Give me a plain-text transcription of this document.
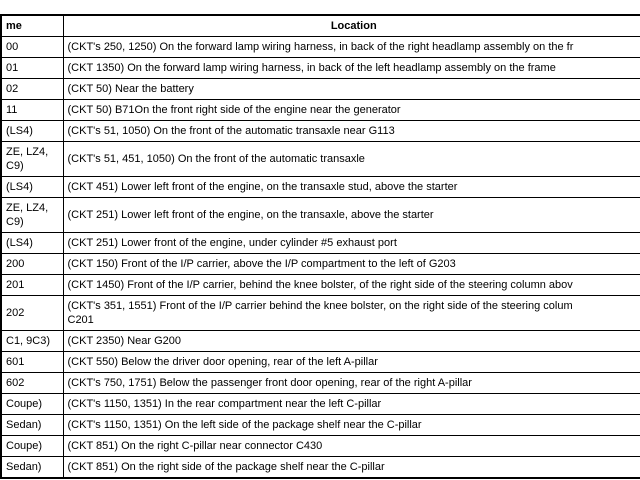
me	Location

00	(CKT's 250, 1250) On the forward lamp wiring harness, in back of the right headlamp assembly on the fr

01	(CKT 1350) On the forward lamp wiring harness, in back of the left headlamp assembly on the frame

02	(CKT 50) Near the battery

11	(CKT 50) B71On the front right side of the engine near the generator

(LS4)	(CKT's 51, 1050) On the front of the automatic transaxle near G113

ZE, LZ4,
C9)	(CKT's 51, 451, 1050) On the front of the automatic transaxle

(LS4)	(CKT 451) Lower left front of the engine, on the transaxle stud, above the starter

ZE, LZ4,
C9)	(CKT 251) Lower left front of the engine, on the transaxle, above the starter

(LS4)	(CKT 251) Lower front of the engine, under cylinder #5 exhaust port

200	(CKT 150) Front of the I/P carrier, above the I/P compartment to the left of G203

201	(CKT 1450) Front of the I/P carrier, behind the knee bolster, of the right side of the steering column abov

202	(CKT's 351, 1551) Front of the I/P carrier behind the knee bolster, on the right side of the steering colum
C201

C1, 9C3)	(CKT 2350) Near G200

601	(CKT 550) Below the driver door opening, rear of the left A-pillar

602	(CKT's 750, 1751) Below the passenger front door opening, rear of the right A-pillar

Coupe)	(CKT's 1150, 1351) In the rear compartment near the left C-pillar

Sedan)	(CKT's 1150, 1351) On the left side of the package shelf near the C-pillar

Coupe)	(CKT 851) On the right C-pillar near connector C430

Sedan)	(CKT 851) On the right side of the package shelf near the C-pillar
